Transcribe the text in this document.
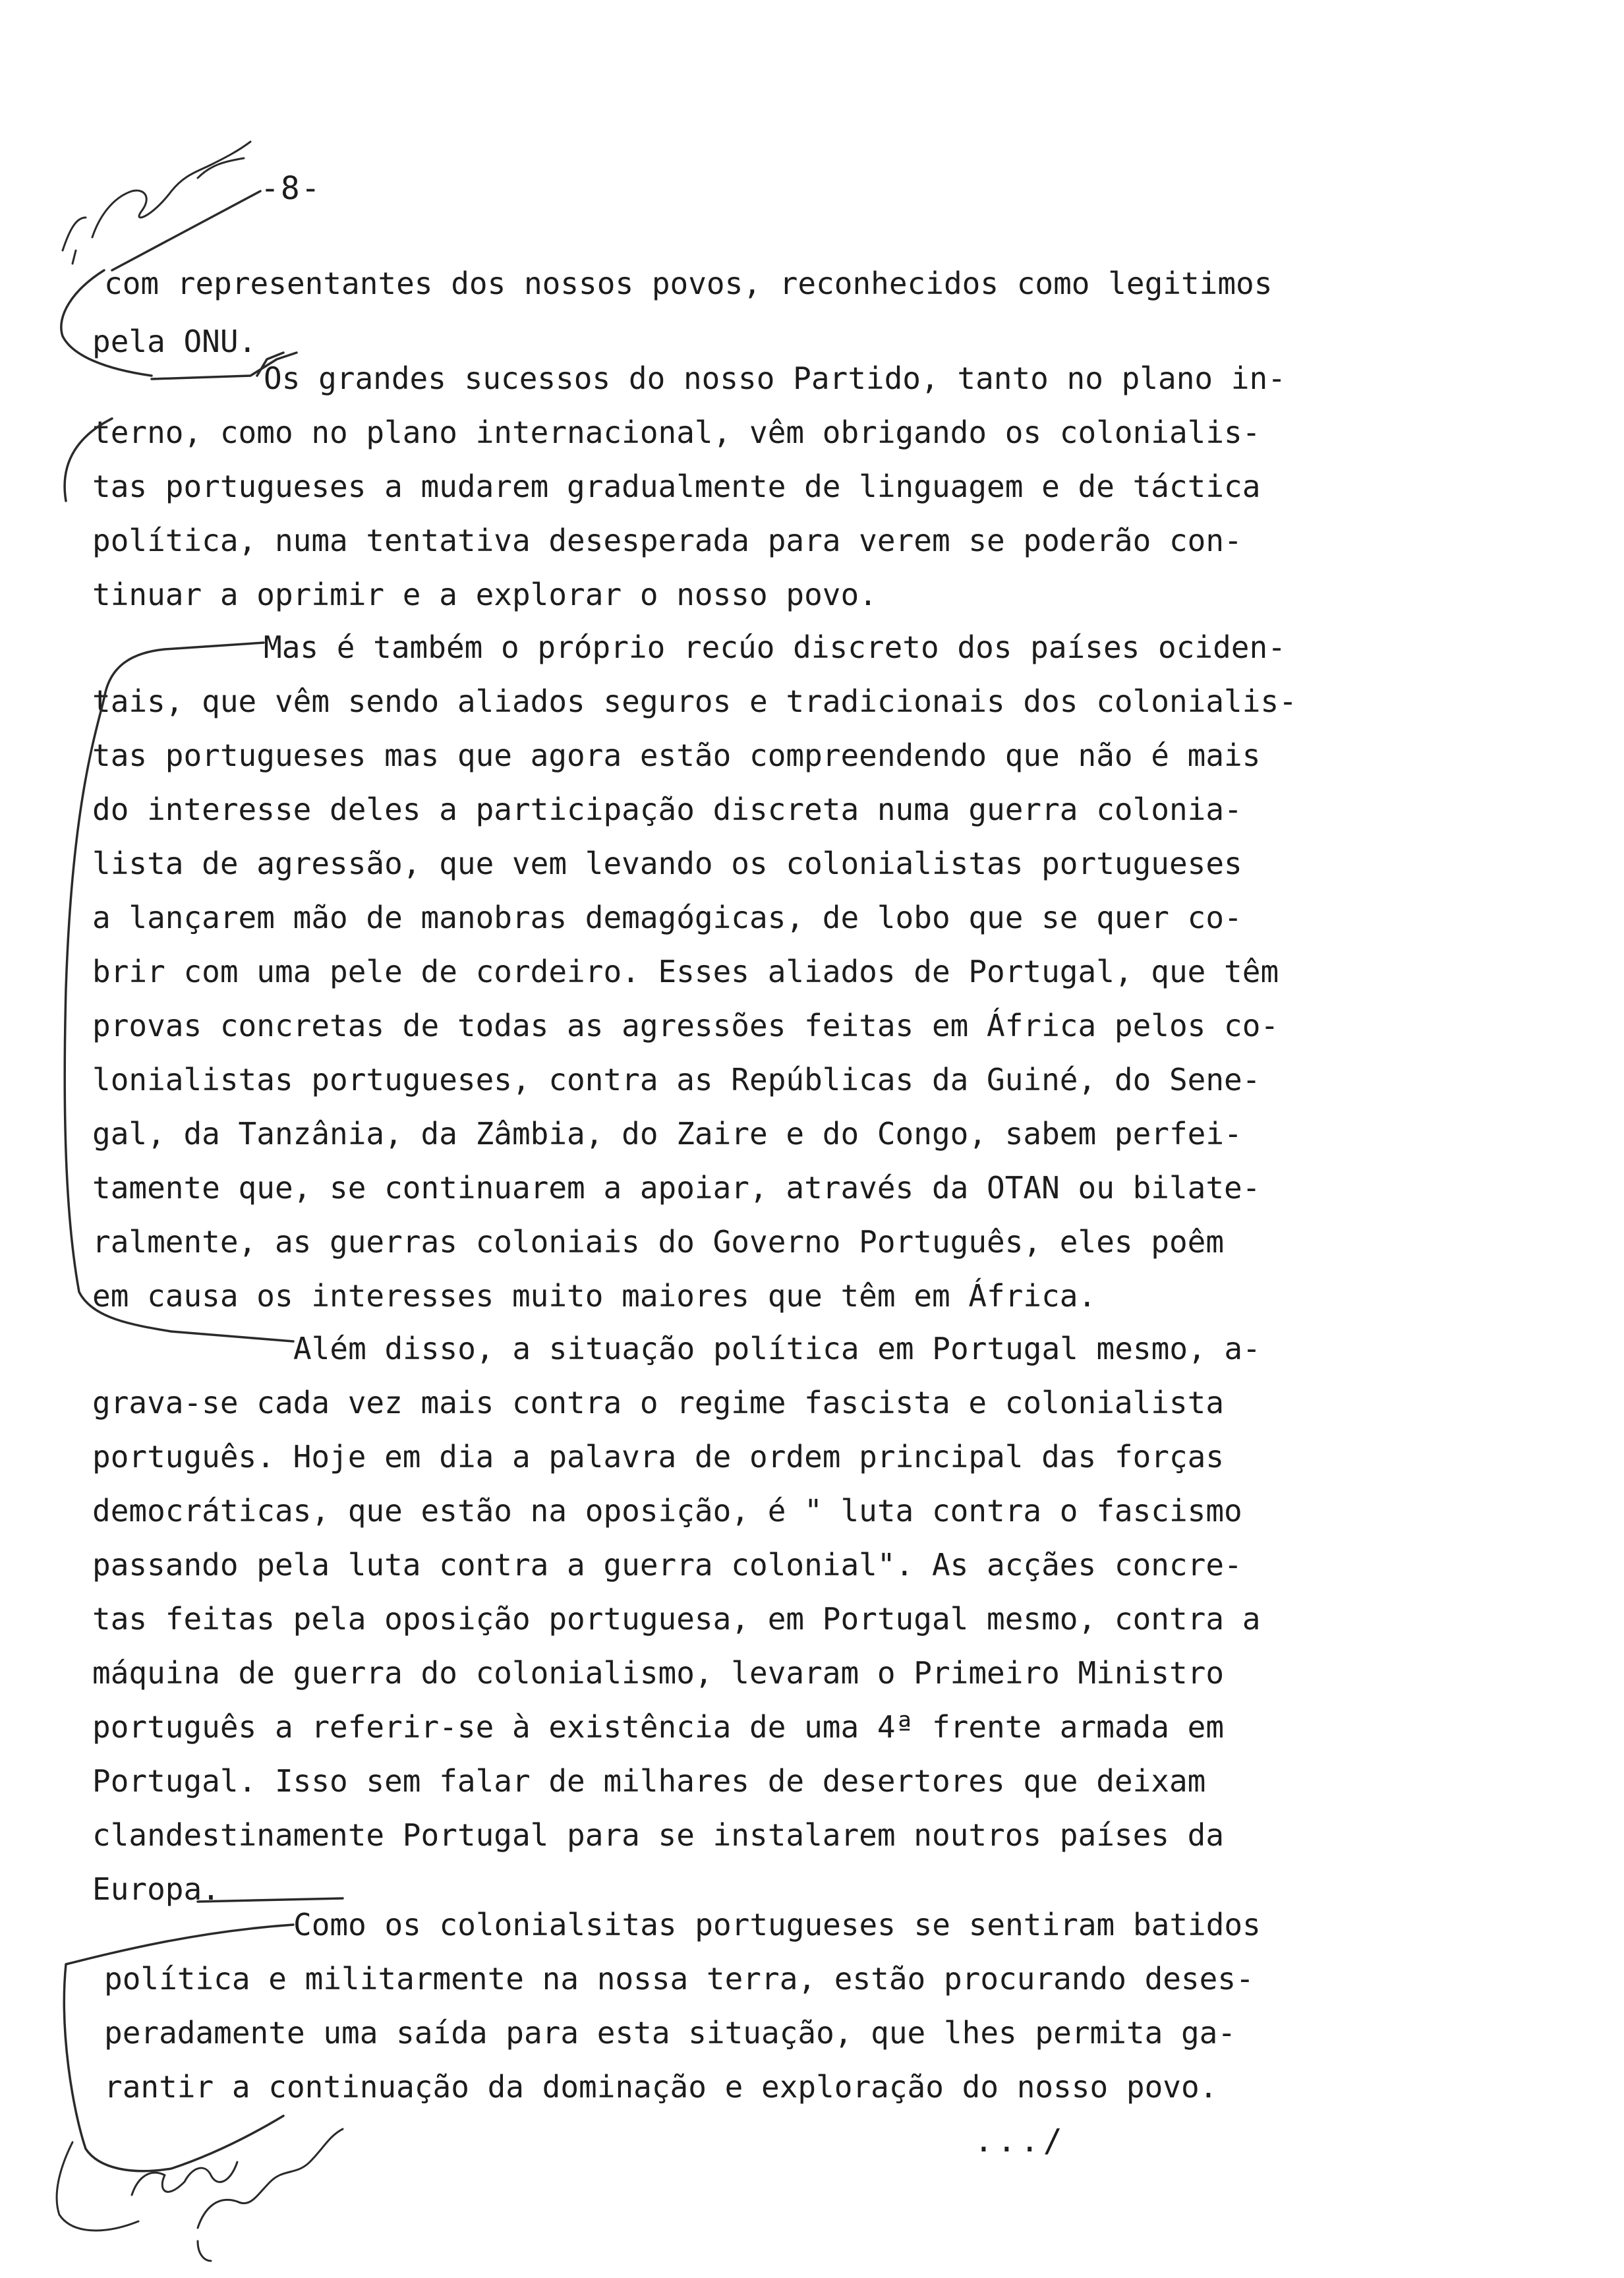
-8-
com representantes dos nossos povos, reconhecidos como legitimos
pela ONU.
Os grandes sucessos do nosso Partido, tanto no plano in-
terno, como no plano internacional, vêm obrigando os colonialis-
tas portugueses a mudarem gradualmente de linguagem e de táctica
política, numa tentativa desesperada para verem se poderão con-
tinuar a oprimir e a explorar o nosso povo.
Mas é também o próprio recúo discreto dos países ociden-
tais, que vêm sendo aliados seguros e tradicionais dos colonialis-
tas portugueses mas que agora estão compreendendo que não é mais
do interesse deles a participação discreta numa guerra colonia-
lista de agressão, que vem levando os colonialistas portugueses
a lançarem mão de manobras demagógicas, de lobo que se quer co-
brir com uma pele de cordeiro. Esses aliados de Portugal, que têm
provas concretas de todas as agressões feitas em África pelos co-
lonialistas portugueses, contra as Repúblicas da Guiné, do Sene-
gal, da Tanzânia, da Zâmbia, do Zaire e do Congo, sabem perfei-
tamente que, se continuarem a apoiar, através da OTAN ou bilate-
ralmente, as guerras coloniais do Governo Português, eles poêm
em causa os interesses muito maiores que têm em África.
Além disso, a situação política em Portugal mesmo, a-
grava-se cada vez mais contra o regime fascista e colonialista
português. Hoje em dia a palavra de ordem principal das forças
democráticas, que estão na oposição, é " luta contra o fascismo
passando pela luta contra a guerra colonial". As acçães concre-
tas feitas pela oposição portuguesa, em Portugal mesmo, contra a
máquina de guerra do colonialismo, levaram o Primeiro Ministro
português a referir-se à existência de uma 4ª frente armada em
Portugal. Isso sem falar de milhares de desertores que deixam
clandestinamente Portugal para se instalarem noutros países da
Europa.
Como os colonialsitas portugueses se sentiram batidos
política e militarmente na nossa terra, estão procurando deses-
peradamente uma saída para esta situação, que lhes permita ga-
rantir a continuação da dominação e exploração do nosso povo.
.../
